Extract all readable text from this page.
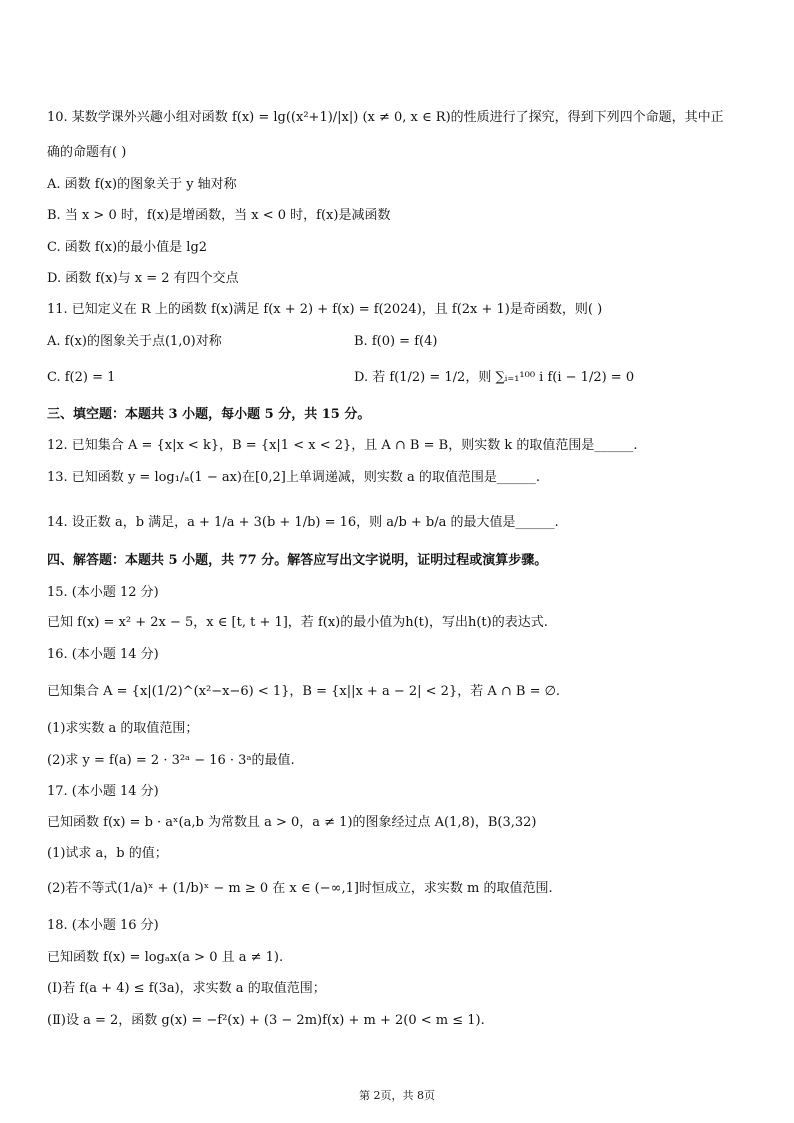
10. 某数学课外兴趣小组对函数 f(x) = lg((x²+1)/|x|) (x ≠ 0, x ∈ R)的性质进行了探究，得到下列四个命题，其中正
确的命题有( )
A. 函数 f(x)的图象关于 y 轴对称
B. 当 x > 0 时，f(x)是增函数，当 x < 0 时，f(x)是减函数
C. 函数 f(x)的最小值是 lg2
D. 函数 f(x)与 x = 2 有四个交点
11. 已知定义在 R 上的函数 f(x)满足 f(x + 2) + f(x) = f(2024)，且 f(2x + 1)是奇函数，则( )
A. f(x)的图象关于点(1,0)对称	B. f(0) = f(4)
C. f(2) = 1	D. 若 f(1/2) = 1/2，则 ∑ᵢ₌₁¹⁰⁰ i f(i − 1/2) = 0
三、填空题：本题共 3 小题，每小题 5 分，共 15 分。
12. 已知集合 A = {x|x < k}，B = {x|1 < x < 2}，且 A ∩ B = B，则实数 k 的取值范围是______.
13. 已知函数 y = log₁/ₐ(1 − ax)在[0,2]上单调递减，则实数 a 的取值范围是______.
14. 设正数 a，b 满足，a + 1/a + 3(b + 1/b) = 16，则 a/b + b/a 的最大值是______.
四、解答题：本题共 5 小题，共 77 分。解答应写出文字说明，证明过程或演算步骤。
15. (本小题 12 分)
已知 f(x) = x² + 2x − 5，x ∈ [t, t + 1]，若 f(x)的最小值为h(t)，写出h(t)的表达式.
16. (本小题 14 分)
已知集合 A = {x|(1/2)^(x²−x−6) < 1}，B = {x||x + a − 2| < 2}，若 A ∩ B = ∅.
(1)求实数 a 的取值范围；
(2)求 y = f(a) = 2 · 3²ᵃ − 16 · 3ᵃ的最值.
17. (本小题 14 分)
已知函数 f(x) = b · aˣ(a,b 为常数且 a > 0，a ≠ 1)的图象经过点 A(1,8)，B(3,32)
(1)试求 a，b 的值；
(2)若不等式(1/a)ˣ + (1/b)ˣ − m ≥ 0 在 x ∈ (−∞,1]时恒成立，求实数 m 的取值范围.
18. (本小题 16 分)
已知函数 f(x) = logₐx(a > 0 且 a ≠ 1).
(Ⅰ)若 f(a + 4) ≤ f(3a)，求实数 a 的取值范围；
(Ⅱ)设 a = 2，函数 g(x) = −f²(x) + (3 − 2m)f(x) + m + 2(0 < m ≤ 1).
第 2页，共 8页
